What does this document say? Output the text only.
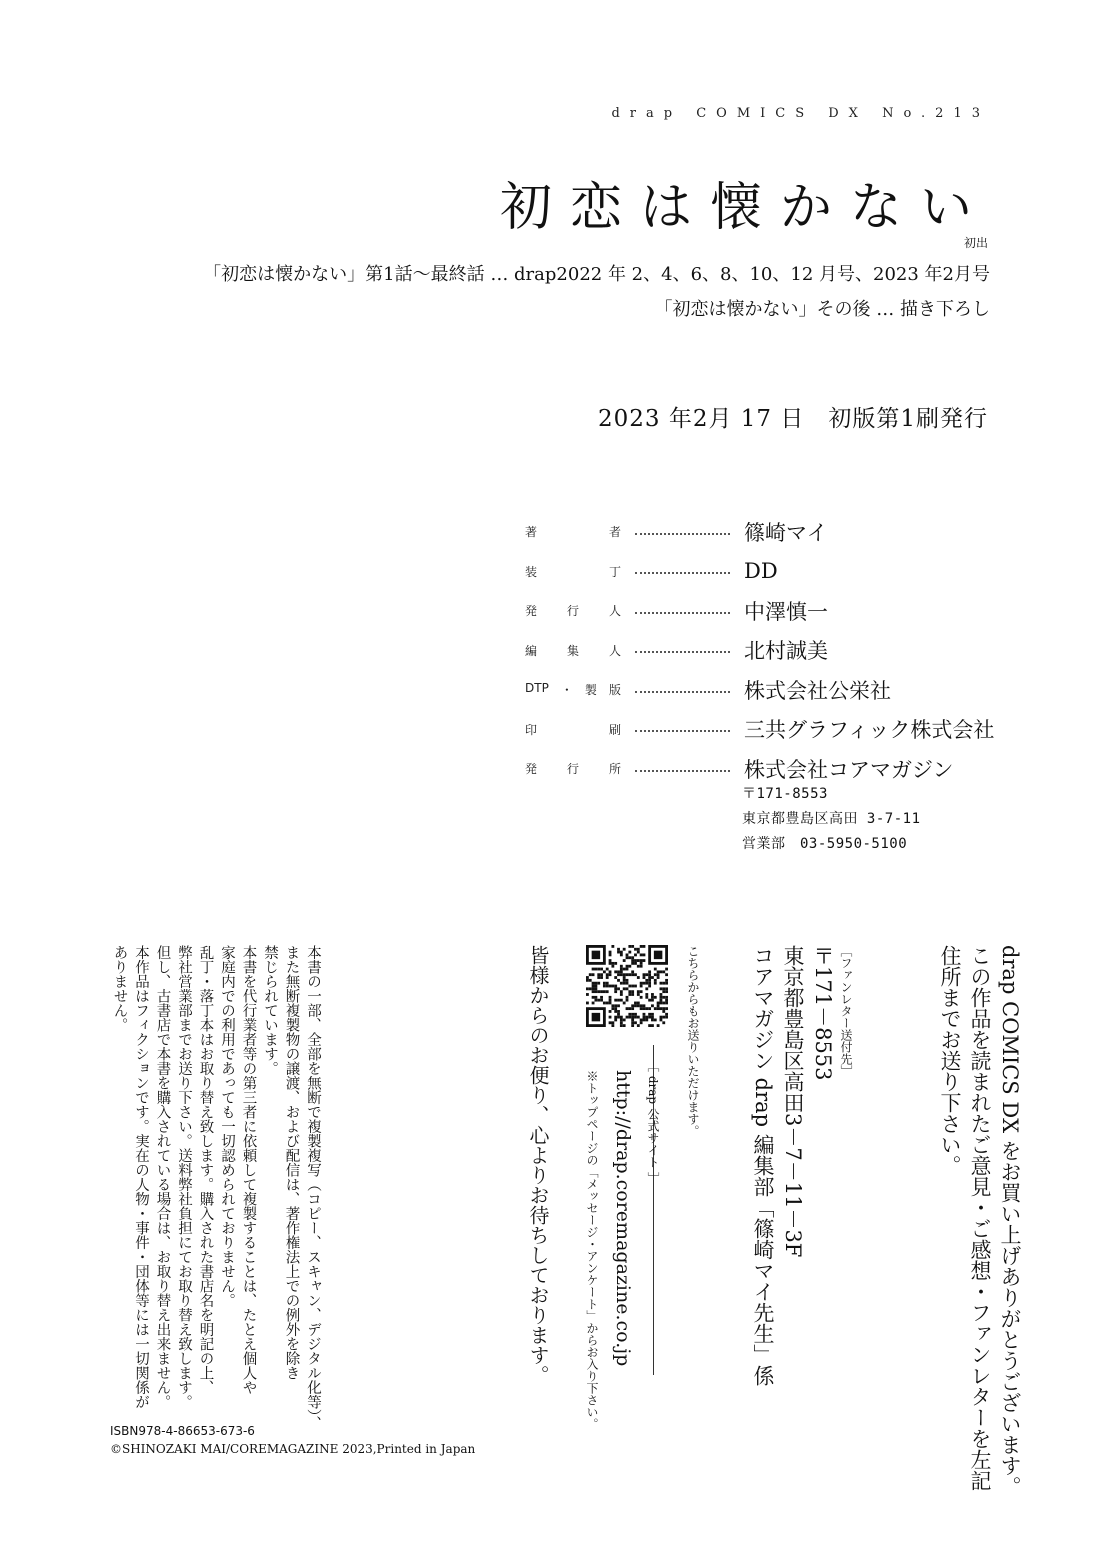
drap COMICS DX No.213
初恋は懐かない
初出
「初恋は懐かない」第1話～最終話 … drap2022 年 2、4、6、8、10、12 月号、2023 年2月号
「初恋は懐かない」その後 … 描き下ろし
2023 年2月 17 日　初版第1刷発行
著	者	篠崎マイ
装	丁	DD
発 行 人	中澤慎一
編 集 人	北村誠美
DTP ・ 製 版	株式会社公栄社
印	刷	三共グラフィック株式会社
発 行 所	株式会社コアマガジン
〒171-8553
東京都豊島区高田 3-7-11
営業部　03-5950-5100
drap COMICS DX をお買い上げありがとうございます。
この作品を読まれたご意見・ご感想・ファンレターを左記
住所までお送り下さい。
［ファンレター送付先］
〒171－8553
東京都豊島区高田3－7－11－3F
コアマガジン drap 編集部「篠崎マイ先生」係
こちらからもお送りいただけます。
［ drap 公式サイト ］
http://drap.coremagazine.co.jp
※トップページの「メッセージ・アンケート」からお入り下さい。
皆様からのお便り、心よりお待ちしております。
本書の一部、全部を無断で複製複写（コピー、スキャン、デジタル化等）、
また無断複製物の譲渡、および配信は、著作権法上での例外を除き
禁じられています。
本書を代行業者等の第三者に依頼して複製することは、たとえ個人や
家庭内での利用であっても一切認められておりません。
乱丁・落丁本はお取り替え致します。購入された書店名を明記の上、
弊社営業部までお送り下さい。送料弊社負担にてお取り替え致します。
但し、古書店で本書を購入されている場合は、お取り替え出来ません。
本作品はフィクションです。実在の人物・事件・団体等には一切関係が
ありません。
ISBN978-4-86653-673-6
©SHINOZAKI MAI/COREMAGAZINE 2023,Printed in Japan
